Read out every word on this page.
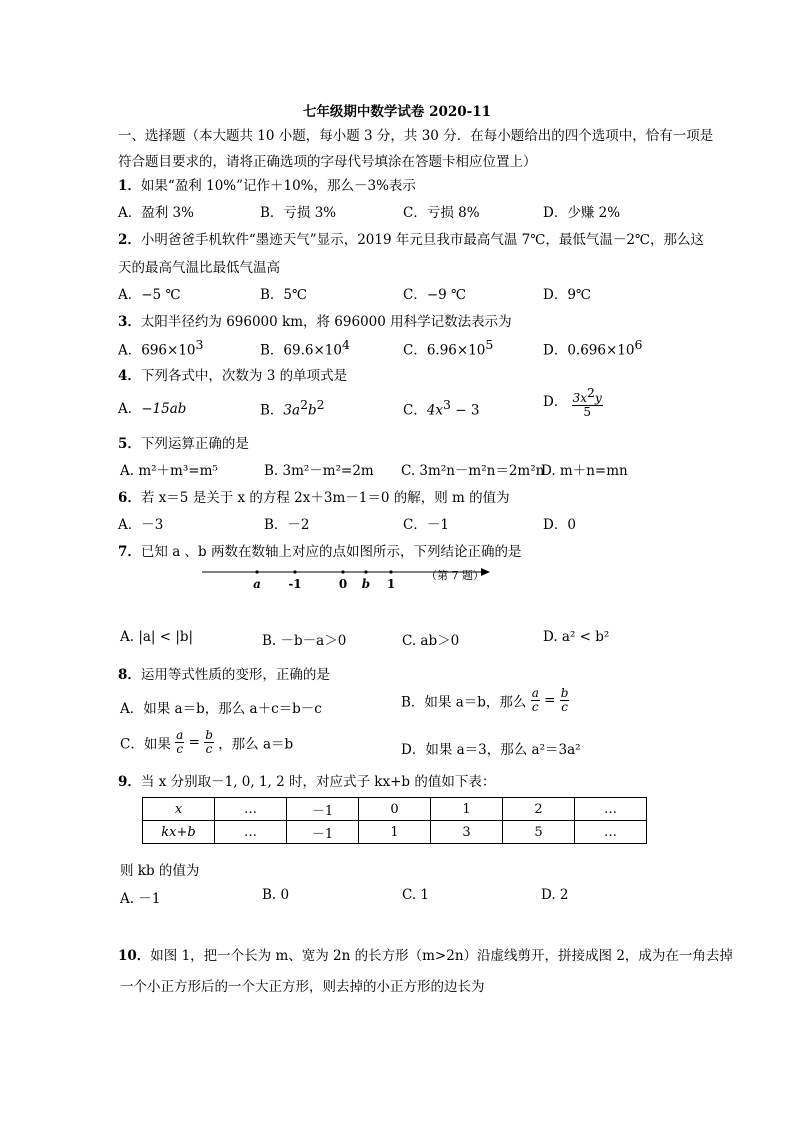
七年级期中数学试卷 2020-11
一、选择题（本大题共 10 小题，每小题 3 分，共 30 分．在每小题给出的四个选项中，恰有一项是
符合题目要求的，请将正确选项的字母代号填涂在答题卡相应位置上）
1．如果“盈利 10%”记作＋10%，那么－3%表示
A．盈利 3%	B．亏损 3%	C．亏损 8%	D．少赚 2%
2．小明爸爸手机软件“墨迹天气”显示，2019 年元旦我市最高气温 7℃，最低气温－2℃，那么这
天的最高气温比最低气温高
A．−5 ℃	B．5℃	C．−9 ℃	D．9℃
3．太阳半径约为 696000 km，将 696000 用科学记数法表示为
A．$696\times 10^3$	B．$69.6\times 10^4$	C．$6.96\times 10^5$	D．$0.696\times 10^6$
4．下列各式中，次数为 3 的单项式是
A．−15ab	B．$3a^2b^2$	C．$4x^3 - 3$
D． $\frac{3x^2y}{5}$
5．下列运算正确的是
A. m²＋m³=m⁵	B. 3m²－m²=2m C. 3m²n－m²n＝2m²n
D. m＋n=mn
6．若 x＝5 是关于 x 的方程 2x＋3m－1＝0 的解，则 m 的值为
A．－3	B．－2	C．－1	D．0
7．已知 a 、b 两数在数轴上对应的点如图所示，下列结论正确的是
a -1	0 b 1
（第 7 题）
A. |a| < |b|	B. －b－a＞0	C. ab＞0	D. a² < b²
8．运用等式性质的变形，正确的是
A．如果 a＝b，那么 a＋c＝b－c	B．如果 a＝b，那么 $\frac{a}{c} = \frac{b}{c}$
C．如果 $\frac{a}{c} = \frac{b}{c}$ ，那么 a＝b	D．如果 a＝3，那么 a²＝3a²
9．当 x 分别取－1, 0, 1, 2 时，对应式子 kx+b 的值如下表：
x	…	－1	0	1	2	…
kx+b	…	－1	1	3	5	…
则 kb 的值为
A. －1	B. 0	C. 1	D. 2
10．如图 1，把一个长为 m、宽为 2n 的长方形（m>2n）沿虚线剪开，拼接成图 2，成为在一角去掉
一个小正方形后的一个大正方形，则去掉的小正方形的边长为
